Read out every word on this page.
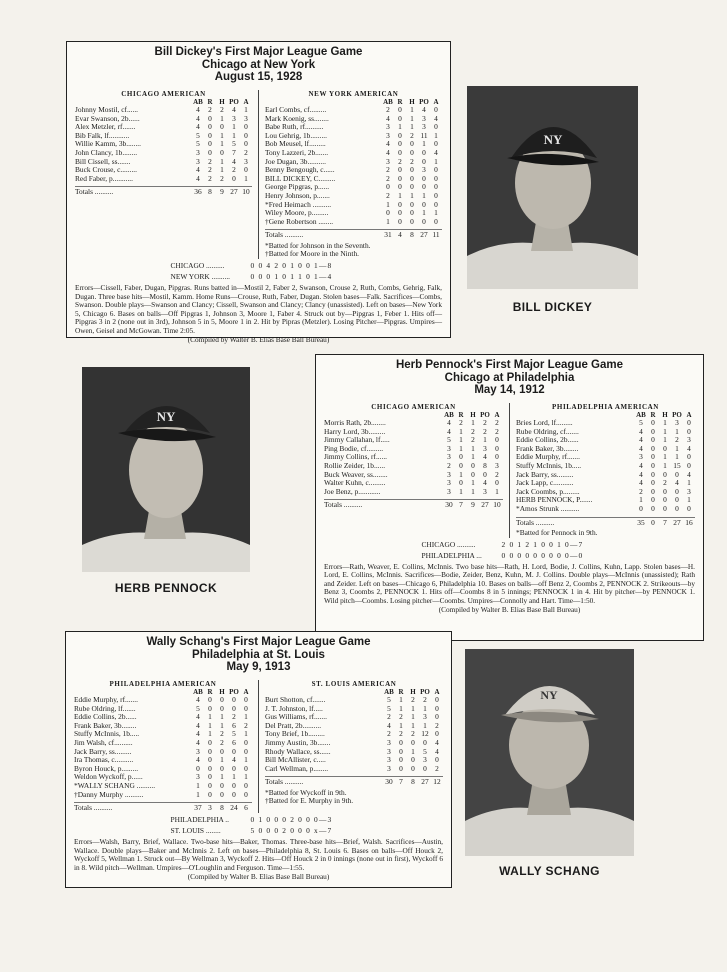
Bill Dickey's First Major League Game
Chicago at New York
August 15, 1928
CHICAGO AMERICAN
AB R H PO A
Johnny Mostil, cf......	4	2	2	4	1
Evar Swanson, 2b......	4	0	1	3	3
Alex Metzler, rf.......	4	0	0	1	0
Bib Falk, lf...........	5	0	1	1	0
Willie Kamm, 3b........	5	0	1	5	0
John Clancy, 1b........	3	0	0	7	2
Bill Cissell, ss.......	3	2	1	4	3
Buck Crouse, c.........	4	2	1	2	0
Red Faber, p...........	4	2	2	0	1
Totals ..........	36 8	9 27 10
NEW YORK AMERICAN
AB R H PO A
Earl Combs, cf.........	2	0	1	4	0
Mark Koenig, ss........	4	0	1	3	4
Babe Ruth, rf..........	3	1	1	3	0
Lou Gehrig, 1b.........	3	0	2 11 1
Bob Meusel, lf.........	4	0	0	1	0
Tony Lazzeri, 2b.......	4	0	0	0	4
Joe Dugan, 3b..........	3	2	2	0	1
Benny Bengough, c......	2	0	0	3	0
BILL DICKEY, C.........	2	0	0	0	0
George Pipgras, p......	0	0	0	0	0
Henry Johnson, p.......	2	1	1	1	0
*Fred Heimach ..........	1	0	0	0	0
Wiley Moore, p.........	0	0	0	1	1
†Gene Robertson ........	1	0	0	0	0
Totals ..........	31 4	8 27 11
*Batted for Johnson in the Seventh.
†Batted for Moore in the Ninth.
CHICAGO ..........	0 0 4 2 0 1 0 0 1—8
NEW YORK ..........	0 0 0 1 0 1 1 0 1—4
Errors—Cissell, Faber, Dugan, Pipgras. Runs batted in—Mostil 2, Faber 2, Swanson, Crouse 2, Ruth, Combs, Gehrig, Falk, Dugan. Three base hits—Mostil, Kamm. Home Runs—Crouse, Ruth, Faber, Dugan. Stolen bases—Falk. Sacrifices—Combs, Swanson. Double plays—Swanson and Clancy; Cissell, Swanson and Clancy; Clancy (unassisted). Left on bases—New York 5, Chicago 6. Bases on balls—Off Pipgras 1, Johnson 3, Moore 1, Faber 4. Struck out by—Pipgras 1, Feber 1. Hits off—Pipgras 3 in 2 (none out in 3rd), Johnson 5 in 5, Moore 1 in 2. Hit by Pipras (Metzler). Losing Pitcher—Pipgras. Umpires—Owen, Geisel and McGowan. Time 2:05.
(Compiled by Walter B. Elias Base Ball Bureau)
NY
BILL DICKEY
Herb Pennock's First Major League Game
Chicago at Philadelphia
May 14, 1912
CHICAGO AMERICAN
AB R H PO A
Morris Rath, 2b........	4	2	1	2	2
Harry Lord, 3b.........	4	1	2	2	2
Jimmy Callahan, lf.....	5	1	2	1	0
Ping Bodie, cf.........	3	1	1	3	0
Jimmy Collins, rf......	3	0	1	4	0
Rollie Zeider, 1b......	2	0	0	8	3
Buck Weaver, ss........	3	1	0	0	2
Walter Kuhn, c.........	3	0	1	4	0
Joe Benz, p............	3	1	1	3	1
Totals ..........	30 7	9 27 10
PHILADELPHIA AMERICAN
AB R H PO A
Bries Lord, lf.........	5	0	1	3	0
Rube Oldring, cf.......	4	0	1	1	0
Eddie Collins, 2b......	4	0	1	2	3
Frank Baker, 3b........	4	0	0	1	4
Eddie Murphy, rf.......	3	0	1	1	0
Stuffy McInnis, 1b.....	4	0	1 15 0
Jack Barry, ss.........	4	0	0	0	4
Jack Lapp, c...........	4	0	2	4	1
Jack Coombs, p.........	2	0	0	0	3
HERB PENNOCK, P.......	1	0	0	0	1
*Amos Strunk ..........	0	0	0	0	0
Totals ..........	35 0	7 27 16
*Batted for Pennock in 9th.
CHICAGO ..........	2 0 1 2 1 0 0 1 0—7
PHILADELPHIA ...	0 0 0 0 0 0 0 0 0—0
Errors—Rath, Weaver, E. Collins, McInnis. Two base hits—Rath, H. Lord, Bodie, J. Collins, Kuhn, Lapp. Stolen bases—H. Lord, E. Collins, McInnis. Sacrifices—Bodie, Zeider, Benz, Kuhn, M. J. Collins. Double plays—McInnis (unassisted); Rath and Zeider. Left on bases—Chicago 6, Philadelphia 10. Bases on balls—off Benz 2, Coombs 2, PENNOCK 2. Strikeouts—by Benz 3, Coombs 2, PENNOCK 1. Hits off—Coombs 8 in 5 innings; PENNOCK 1 in 4. Hit by pitcher—by PENNOCK 1. Wild pitch—Coombs. Losing pitcher—Coombs. Umpires—Connolly and Hart. Time—1:50.
(Compiled by Walter B. Elias Base Ball Bureau)
NY
HERB PENNOCK
Wally Schang's First Major League Game
Philadelphia at St. Louis
May 9, 1913
PHILADELPHIA AMERICAN
AB R H PO A
Eddie Murphy, rf.......	4	0	0	0	0
Rube Oldring, lf.......	5	0	0	0	0
Eddie Collins, 2b......	4	1	1	2	1
Frank Baker, 3b........	4	1	1	6	2
Stuffy McInnis, 1b.....	4	1	2	5	1
Jim Walsh, cf..........	4	0	2	6	0
Jack Barry, ss.........	3	0	0	0	0
Ira Thomas, c..........	4	0	1	4	1
Byron Houck, p.........	0	0	0	0	0
Weldon Wyckoff, p......	3	0	1	1	1
*WALLY SCHANG ..........	1	0	0	0	0
†Danny Murphy ..........	1	0	0	0	0
Totals ..........	37 3	8 24 6
ST. LOUIS AMERICAN
AB R H PO A
Burt Shotton, cf.......	5	1	2	2	0
J. T. Johnston, lf.....	5	1	1	1	0
Gus Williams, rf.......	2	2	1	3	0
Del Pratt, 2b..........	4	1	1	1	2
Tony Brief, 1b.........	2	2	2 12 0
Jimmy Austin, 3b.......	3	0	0	0	4
Rhody Wallace, ss......	3	0	1	5	4
Bill McAllister, c.....	3	0	0	3	0
Carl Wellman, p........	3	0	0	0	2
Totals ..........	30 7	8 27 12
*Batted for Wyckoff in 9th.
†Batted for E. Murphy in 9th.
PHILADELPHIA ..	0 1 0 0 0 2 0 0 0—3
ST. LOUIS ........	5 0 0 0 2 0 0 0 x—7
Errors—Walsh, Barry, Brief, Wallace. Two-base hits—Baker, Thomas. Three-base hits—Brief, Walsh. Sacrifices—Austin, Wallace. Double plays—Baker and McInnis 2. Left on bases—Philadelphia 8, St. Louis 6. Bases on balls—Off Houck 2, Wyckoff 5, Wellman 1. Struck out—By Wellman 3, Wyckoff 2. Hits—Off Houck 2 in 0 innings (none out in first), Wyckoff 6 in 8. Wild pitch—Wellman. Umpires—O'Loughlin and Ferguson. Time—1:55.
(Compiled by Walter B. Elias Base Ball Bureau)
NY
WALLY SCHANG
